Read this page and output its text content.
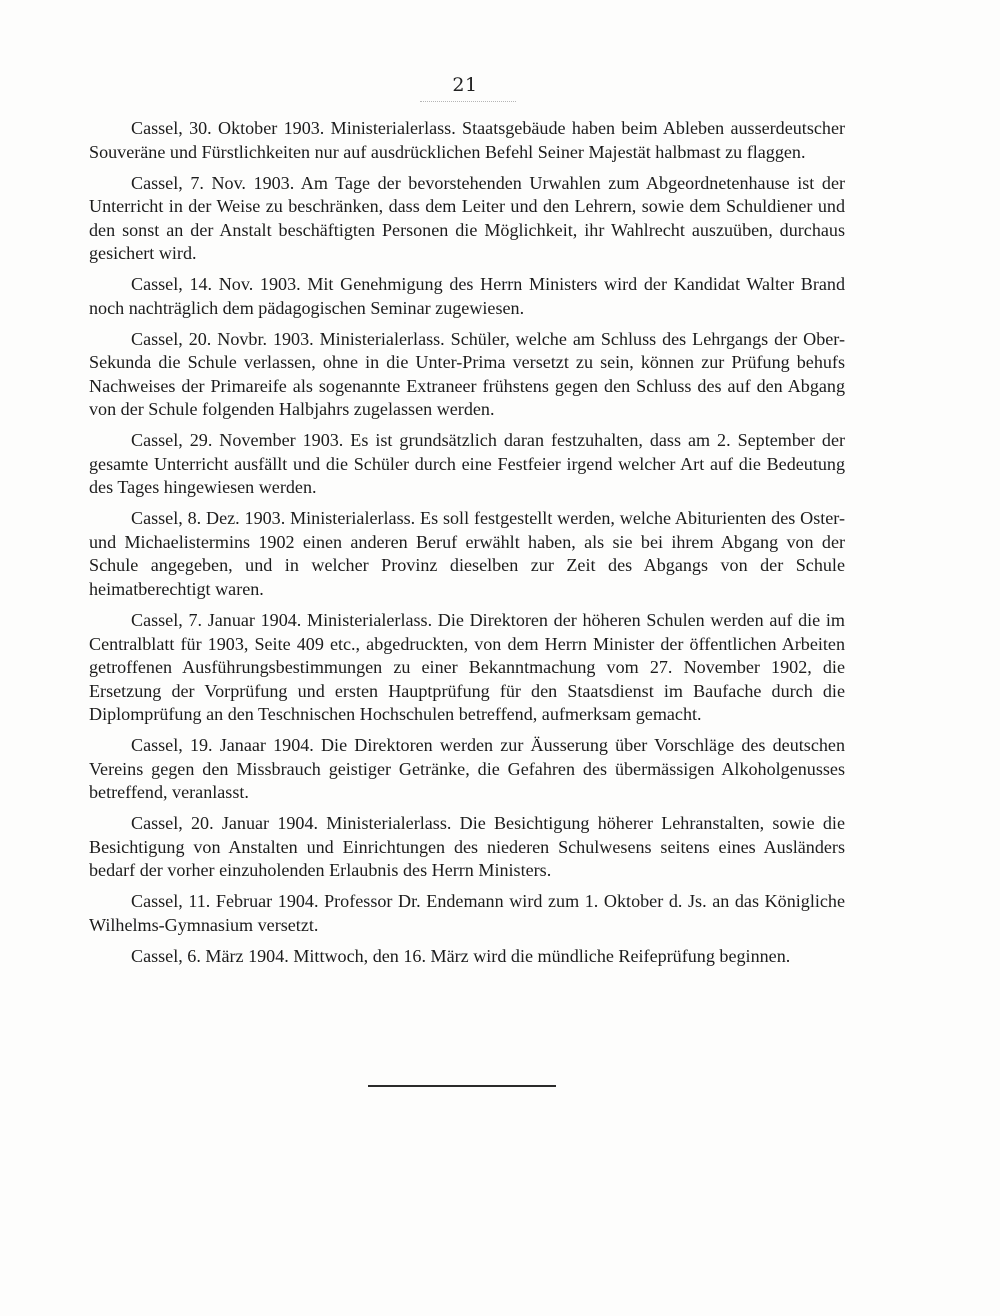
21

Cassel, 30. Oktober 1903. Ministerialerlass. Staatsgebäude haben beim Ableben ausserdeutscher Souveräne und Fürstlichkeiten nur auf ausdrücklichen Befehl Seiner Majestät halbmast zu flaggen.

Cassel, 7. Nov. 1903. Am Tage der bevorstehenden Urwahlen zum Abgeordnetenhause ist der Unterricht in der Weise zu beschränken, dass dem Leiter und den Lehrern, sowie dem Schuldiener und den sonst an der Anstalt beschäftigten Personen die Möglichkeit, ihr Wahlrecht auszuüben, durchaus gesichert wird.

Cassel, 14. Nov. 1903. Mit Genehmigung des Herrn Ministers wird der Kandidat Walter Brand noch nachträglich dem pädagogischen Seminar zugewiesen.

Cassel, 20. Novbr. 1903. Ministerialerlass. Schüler, welche am Schluss des Lehrgangs der Ober-Sekunda die Schule verlassen, ohne in die Unter-Prima versetzt zu sein, können zur Prüfung behufs Nachweises der Primareife als sogenannte Extraneer frühstens gegen den Schluss des auf den Abgang von der Schule folgenden Halbjahrs zugelassen werden.

Cassel, 29. November 1903. Es ist grundsätzlich daran festzuhalten, dass am 2. September der gesamte Unterricht ausfällt und die Schüler durch eine Festfeier irgend welcher Art auf die Bedeutung des Tages hingewiesen werden.

Cassel, 8. Dez. 1903. Ministerialerlass. Es soll festgestellt werden, welche Abiturienten des Oster- und Michaelistermins 1902 einen anderen Beruf erwählt haben, als sie bei ihrem Abgang von der Schule angegeben, und in welcher Provinz dieselben zur Zeit des Abgangs von der Schule heimatberechtigt waren.

Cassel, 7. Januar 1904. Ministerialerlass. Die Direktoren der höheren Schulen werden auf die im Centralblatt für 1903, Seite 409 etc., abgedruckten, von dem Herrn Minister der öffentlichen Arbeiten getroffenen Ausführungsbestimmungen zu einer Bekanntmachung vom 27. November 1902, die Ersetzung der Vorprüfung und ersten Hauptprüfung für den Staatsdienst im Baufache durch die Diplomprüfung an den Teschnischen Hochschulen betreffend, aufmerksam gemacht.

Cassel, 19. Janaar 1904. Die Direktoren werden zur Äusserung über Vorschläge des deutschen Vereins gegen den Missbrauch geistiger Getränke, die Gefahren des übermässigen Alkoholgenusses betreffend, veranlasst.

Cassel, 20. Januar 1904. Ministerialerlass. Die Besichtigung höherer Lehranstalten, sowie die Besichtigung von Anstalten und Einrichtungen des niederen Schulwesens seitens eines Ausländers bedarf der vorher einzuholenden Erlaubnis des Herrn Ministers.

Cassel, 11. Februar 1904. Professor Dr. Endemann wird zum 1. Oktober d. Js. an das Königliche Wilhelms-Gymnasium versetzt.

Cassel, 6. März 1904. Mittwoch, den 16. März wird die mündliche Reifeprüfung beginnen.
